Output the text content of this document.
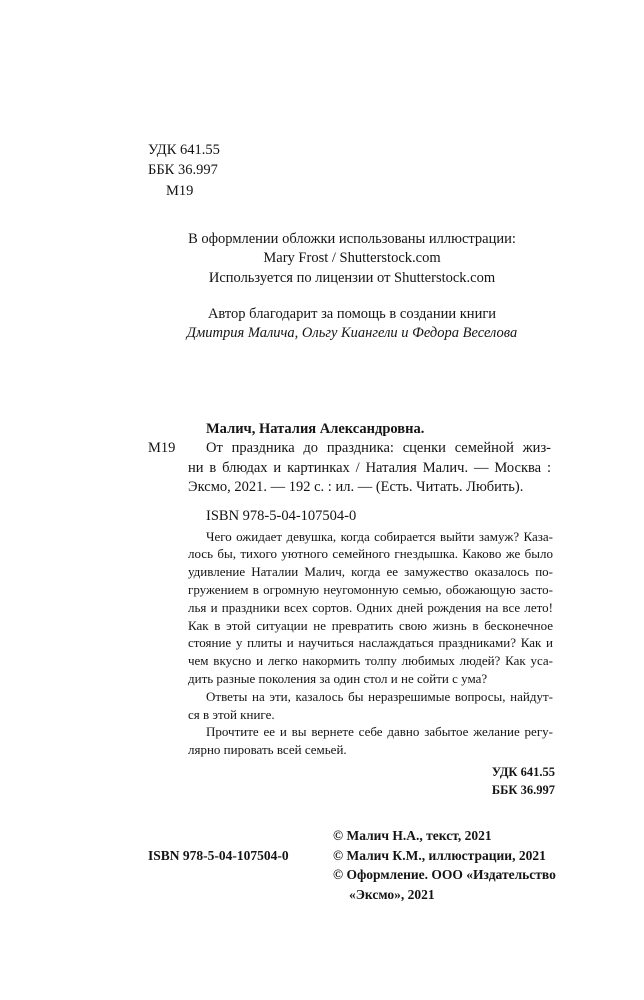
УДК 641.55
ББК 36.997
М19
В оформлении обложки использованы иллюстрации:
Mary Frost / Shutterstock.com
Используется по лицензии от Shutterstock.com
Автор благодарит за помощь в создании книги
Дмитрия Малича, Ольгу Киангели и Федора Веселова
Малич, Наталия Александровна.
М19 От праздника до праздника: сценки семейной жиз-
ни в блюдах и картинках / Наталия Малич. — Москва :
Эксмо, 2021. — 192 с. : ил. — (Есть. Читать. Любить).
ISBN 978-5-04-107504-0
Чего ожидает девушка, когда собирается выйти замуж? Каза-
лось бы, тихого уютного семейного гнездышка. Каково же было
удивление Наталии Малич, когда ее замужество оказалось по-
гружением в огромную неугомонную семью, обожающую засто-
лья и праздники всех сортов. Одних дней рождения на все лето!
Как в этой ситуации не превратить свою жизнь в бесконечное
стояние у плиты и научиться наслаждаться праздниками? Как и
чем вкусно и легко накормить толпу любимых людей? Как уса-
дить разные поколения за один стол и не сойти с ума?
Ответы на эти, казалось бы неразрешимые вопросы, найдут-
ся в этой книге.
Прочтите ее и вы вернете себе давно забытое желание регу-
лярно пировать всей семьей.
УДК 641.55
ББК 36.997
© Малич Н.А., текст, 2021
© Малич К.М., иллюстрации, 2021
© Оформление. ООО «Издательство
«Эксмо», 2021
ISBN 978-5-04-107504-0
